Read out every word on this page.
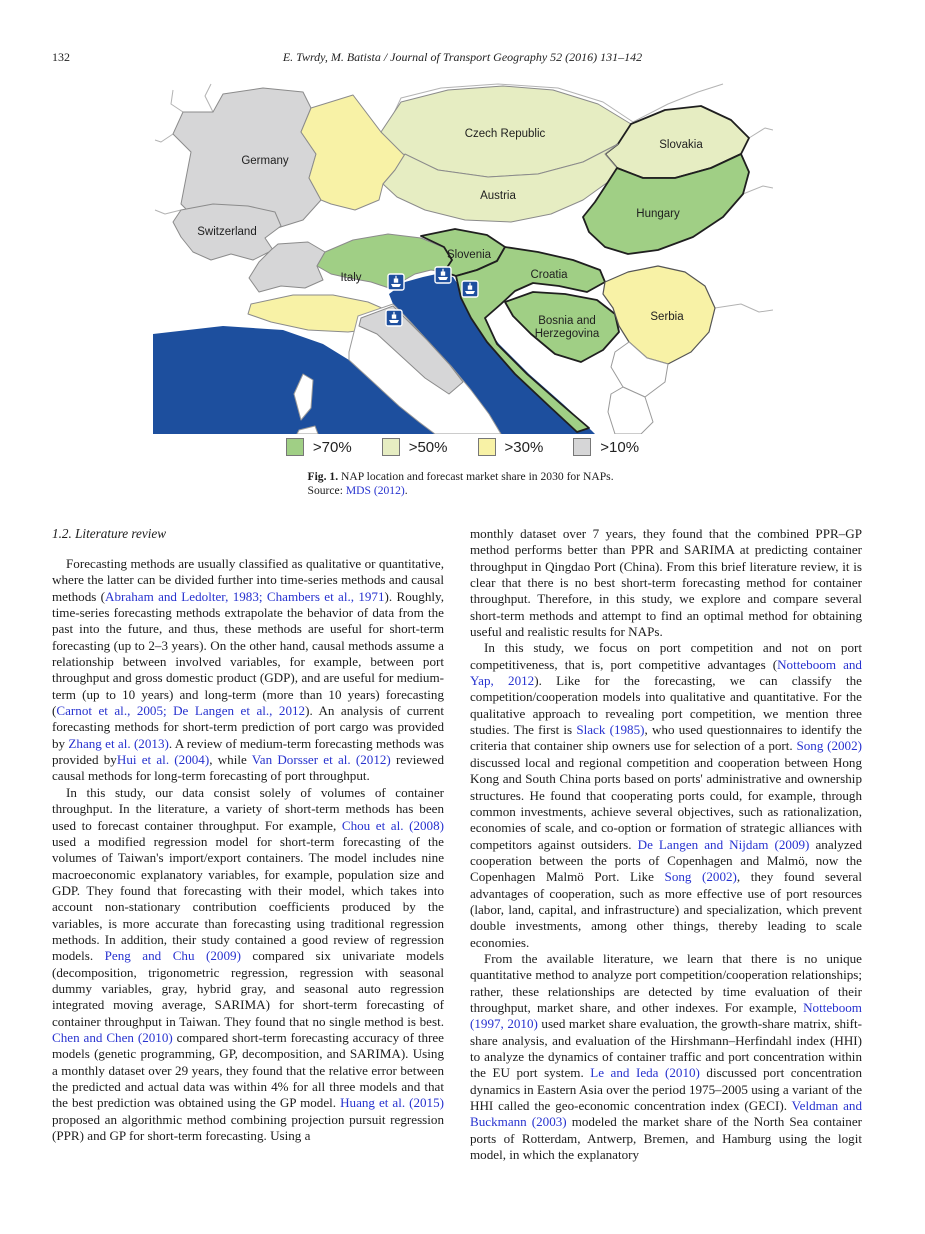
132	E. Twrdy, M. Batista / Journal of Transport Geography 52 (2016) 131–142
Germany
Czech Republic
Slovakia
Austria
Switzerland
Hungary
Slovenia
Croatia
Italy
Bosnia and
Herzegovina
Serbia
>70%	>50%	>30%	>10%
Fig. 1. NAP location and forecast market share in 2030 for NAPs.
Source: MDS (2012).
1.2. Literature review

Forecasting methods are usually classified as qualitative or quantitative, where the latter can be divided further into time-series methods and causal methods (Abraham and Ledolter, 1983; Chambers et al., 1971). Roughly, time-series forecasting methods extrapolate the behavior of data from the past into the future, and thus, these methods are useful for short-term forecasting (up to 2–3 years). On the other hand, causal methods assume a relationship between involved variables, for example, between port throughput and gross domestic product (GDP), and are useful for medium-term (up to 10 years) and long-term (more than 10 years) forecasting (Carnot et al., 2005; De Langen et al., 2012). An analysis of current forecasting methods for short-term prediction of port cargo was provided by Zhang et al. (2013). A review of medium-term forecasting methods was provided byHui et al. (2004), while Van Dorsser et al. (2012) reviewed causal methods for long-term forecasting of port throughput.

In this study, our data consist solely of volumes of container throughput. In the literature, a variety of short-term methods has been used to forecast container throughput. For example, Chou et al. (2008) used a modified regression model for short-term forecasting of the volumes of Taiwan's import/export containers. The model includes nine macroeconomic explanatory variables, for example, population size and GDP. They found that forecasting with their model, which takes into account non-stationary contribution coefficients produced by the variables, is more accurate than forecasting using traditional regression methods. In addition, their study contained a good review of regression models. Peng and Chu (2009) compared six univariate models (decomposition, trigonometric regression, regression with seasonal dummy variables, gray, hybrid gray, and seasonal auto regression integrated moving average, SARIMA) for short-term forecasting of container throughput in Taiwan. They found that no single method is best. Chen and Chen (2010) compared short-term forecasting accuracy of three models (genetic programming, GP, decomposition, and SARIMA). Using a monthly dataset over 29 years, they found that the relative error between the predicted and actual data was within 4% for all three models and that the best prediction was obtained using the GP model. Huang et al. (2015) proposed an algorithmic method combining projection pursuit regression (PPR) and GP for short-term forecasting. Using a

monthly dataset over 7 years, they found that the combined PPR–GP method performs better than PPR and SARIMA at predicting container throughput in Qingdao Port (China). From this brief literature review, it is clear that there is no best short-term forecasting method for container throughput. Therefore, in this study, we explore and compare several short-term methods and attempt to find an optimal method for obtaining useful and realistic results for NAPs.

In this study, we focus on port competition and not on port competitiveness, that is, port competitive advantages (Notteboom and Yap, 2012). Like for the forecasting, we can classify the competition/cooperation models into qualitative and quantitative. For the qualitative approach to revealing port competition, we mention three studies. The first is Slack (1985), who used questionnaires to identify the criteria that container ship owners use for selection of a port. Song (2002) discussed local and regional competition and cooperation between Hong Kong and South China ports based on ports' administrative and ownership structures. He found that cooperating ports could, for example, through common investments, achieve several objectives, such as rationalization, economies of scale, and co-option or formation of strategic alliances with competitors against outsiders. De Langen and Nijdam (2009) analyzed cooperation between the ports of Copenhagen and Malmö, now the Copenhagen Malmö Port. Like Song (2002), they found several advantages of cooperation, such as more effective use of port resources (labor, land, capital, and infrastructure) and specialization, which prevent double investments, among other things, thereby leading to scale economies.

From the available literature, we learn that there is no unique quantitative method to analyze port competition/cooperation relationships; rather, these relationships are detected by time evaluation of their throughput, market share, and other indexes. For example, Notteboom (1997, 2010) used market share evaluation, the growth-share matrix, shift-share analysis, and evaluation of the Hirshmann–Herfindahl index (HHI) to analyze the dynamics of container traffic and port concentration within the EU port system. Le and Ieda (2010) discussed port concentration dynamics in Eastern Asia over the period 1975–2005 using a variant of the HHI called the geo-economic concentration index (GECI). Veldman and Buckmann (2003) modeled the market share of the North Sea container ports of Rotterdam, Antwerp, Bremen, and Hamburg using the logit model, in which the explanatory
